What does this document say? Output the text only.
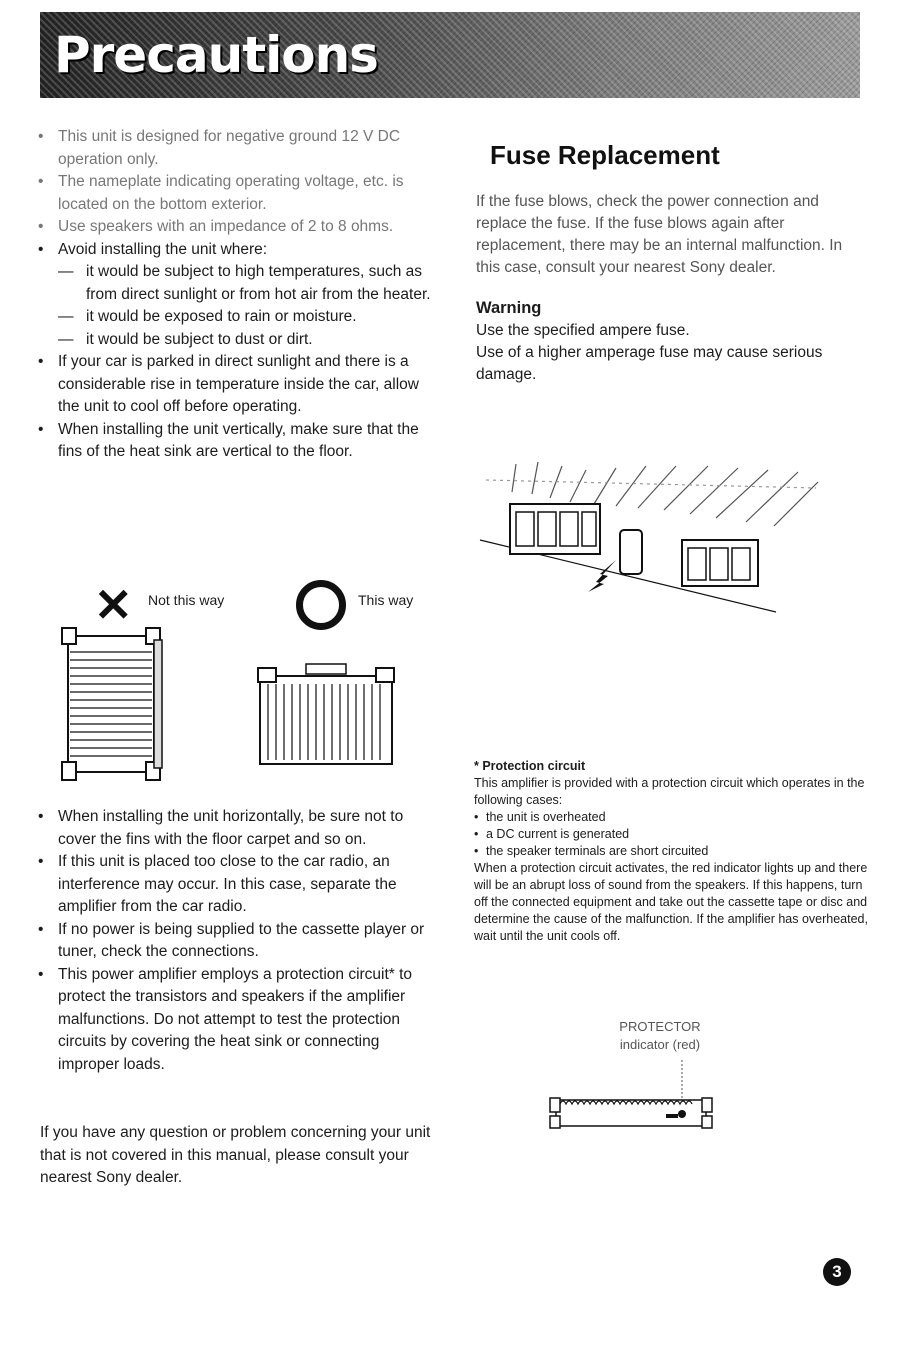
Precautions
• This unit is designed for negative ground 12 V DC operation only.
• The nameplate indicating operating voltage, etc. is located on the bottom exterior.
• Use speakers with an impedance of 2 to 8 ohms.
• Avoid installing the unit where:
— it would be subject to high temperatures, such as from direct sunlight or from hot air from the heater.
— it would be exposed to rain or moisture.
— it would be subject to dust or dirt.
• If your car is parked in direct sunlight and there is a considerable rise in temperature inside the car, allow the unit to cool off before operating.
• When installing the unit vertically, make sure that the fins of the heat sink are vertical to the floor.
✕ Not this way	This way
• When installing the unit horizontally, be sure not to cover the fins with the floor carpet and so on.
• If this unit is placed too close to the car radio, an interference may occur. In this case, separate the amplifier from the car radio.
• If no power is being supplied to the cassette player or tuner, check the connections.
• This power amplifier employs a protection circuit* to protect the transistors and speakers if the amplifier malfunctions. Do not attempt to test the protection circuits by covering the heat sink or connecting improper loads.
If you have any question or problem concerning your unit that is not covered in this manual, please consult your nearest Sony dealer.
Fuse Replacement

If the fuse blows, check the power connection and replace the fuse. If the fuse blows again after replacement, there may be an internal malfunction. In this case, consult your nearest Sony dealer.

Warning

Use the specified ampere fuse.

Use of a higher amperage fuse may cause serious damage.

* Protection circuit
This amplifier is provided with a protection circuit which operates in the following cases:
• the unit is overheated
• a DC current is generated
• the speaker terminals are short circuited
When a protection circuit activates, the red indicator lights up and there will be an abrupt loss of sound from the speakers. If this happens, turn off the connected equipment and take out the cassette tape or disc and determine the cause of the malfunction. If the amplifier has overheated, wait until the unit cools off.
PROTECTOR
indicator (red)
3
